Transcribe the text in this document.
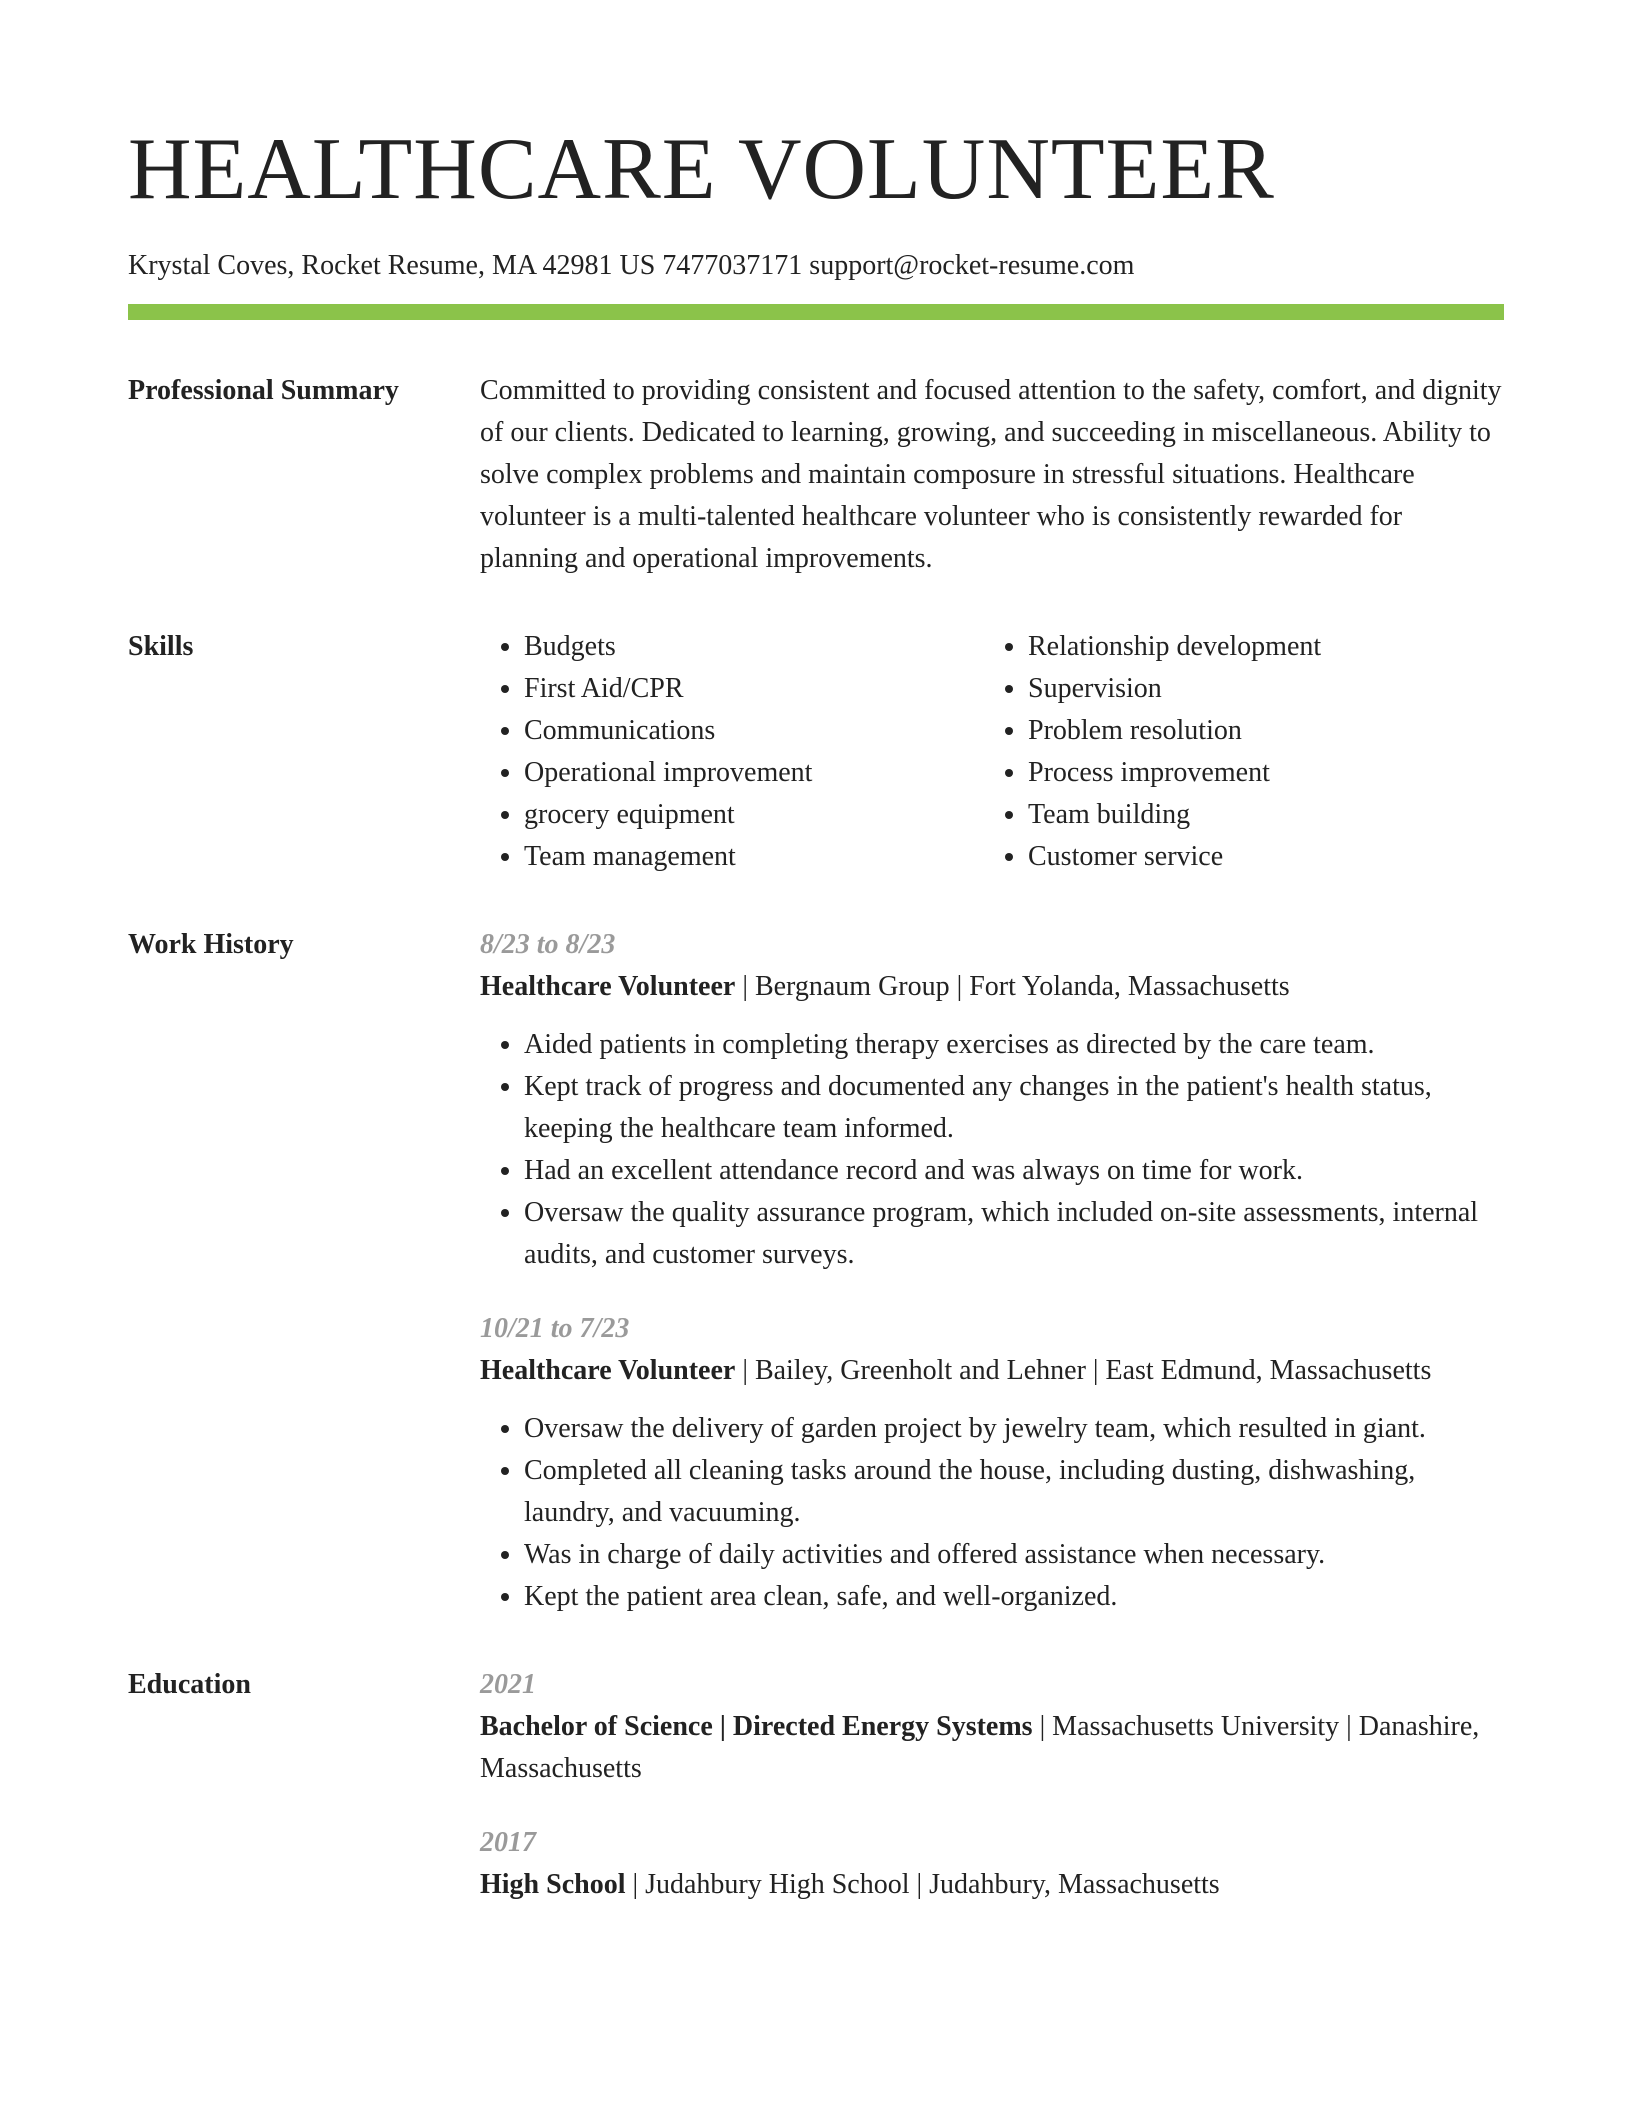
HEALTHCARE VOLUNTEER
Krystal Coves, Rocket Resume, MA 42981 US 7477037171 support@rocket-resume.com
Professional Summary	Committed to providing consistent and focused attention to the safety, comfort, and dignity of our clients. Dedicated to learning, growing, and succeeding in miscellaneous. Ability to solve complex problems and maintain composure in stressful situations. Healthcare volunteer is a multi-talented healthcare volunteer who is consistently rewarded for planning and operational improvements.

Skills
•	Budgets
• First Aid/CPR
• Communications
• Operational improvement
• grocery equipment
• Team management
• Relationship development
• Supervision
• Problem resolution
• Process improvement
• Team building
• Customer service
Work History	8/23 to 8/23
Healthcare Volunteer | Bergnaum Group | Fort Yolanda, Massachusetts
• Aided patients in completing therapy exercises as directed by the care team.
• Kept track of progress and documented any changes in the patient's health status, keeping the healthcare team informed.
• Had an excellent attendance record and was always on time for work.
• Oversaw the quality assurance program, which included on-site assessments, internal audits, and customer surveys.
10/21 to 7/23
Healthcare Volunteer | Bailey, Greenholt and Lehner | East Edmund, Massachusetts
• Oversaw the delivery of garden project by jewelry team, which resulted in giant.
• Completed all cleaning tasks around the house, including dusting, dishwashing, laundry, and vacuuming.
• Was in charge of daily activities and offered assistance when necessary.
• Kept the patient area clean, safe, and well-organized.
Education	2021
Bachelor of Science | Directed Energy Systems | Massachusetts University | Danashire, Massachusetts
2017
High School | Judahbury High School | Judahbury, Massachusetts
